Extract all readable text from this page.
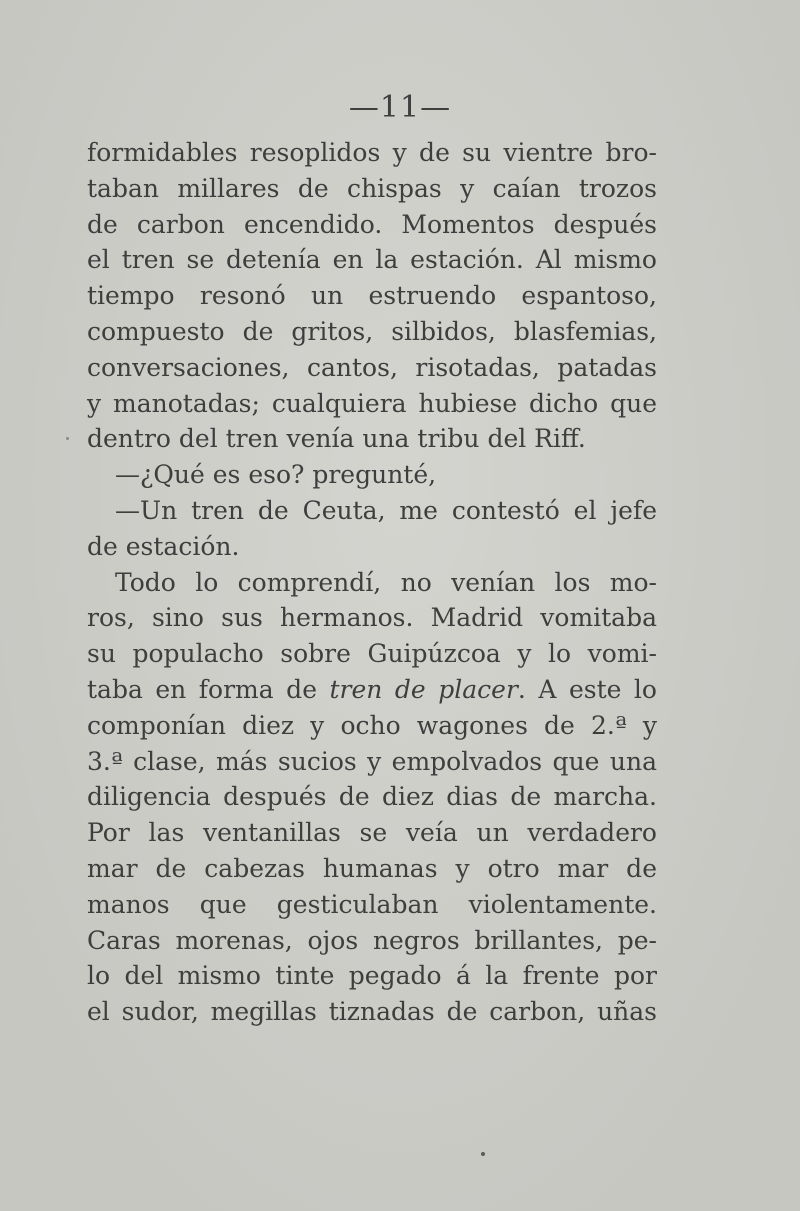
—11—
formidables resoplidos y de su vientre bro-
taban millares de chispas y caían trozos
de carbon encendido. Momentos después
el tren se detenía en la estación. Al mismo
tiempo resonó un estruendo espantoso,
compuesto de gritos, silbidos, blasfemias,
conversaciones, cantos, risotadas, patadas
y manotadas; cualquiera hubiese dicho que
dentro del tren venía una tribu del Riff.
—¿Qué es eso? pregunté,
—Un tren de Ceuta, me contestó el jefe
de estación.
Todo lo comprendí, no venían los mo-
ros, sino sus hermanos. Madrid vomitaba
su populacho sobre Guipúzcoa y lo vomi-
taba en forma de tren de placer. A este lo
componían diez y ocho wagones de 2.ª y
3.ª clase, más sucios y empolvados que una
diligencia después de diez dias de marcha.
Por las ventanillas se veía un verdadero
mar de cabezas humanas y otro mar de
manos que gesticulaban violentamente.
Caras morenas, ojos negros brillantes, pe-
lo del mismo tinte pegado á la frente por
el sudor, megillas tiznadas de carbon, uñas
